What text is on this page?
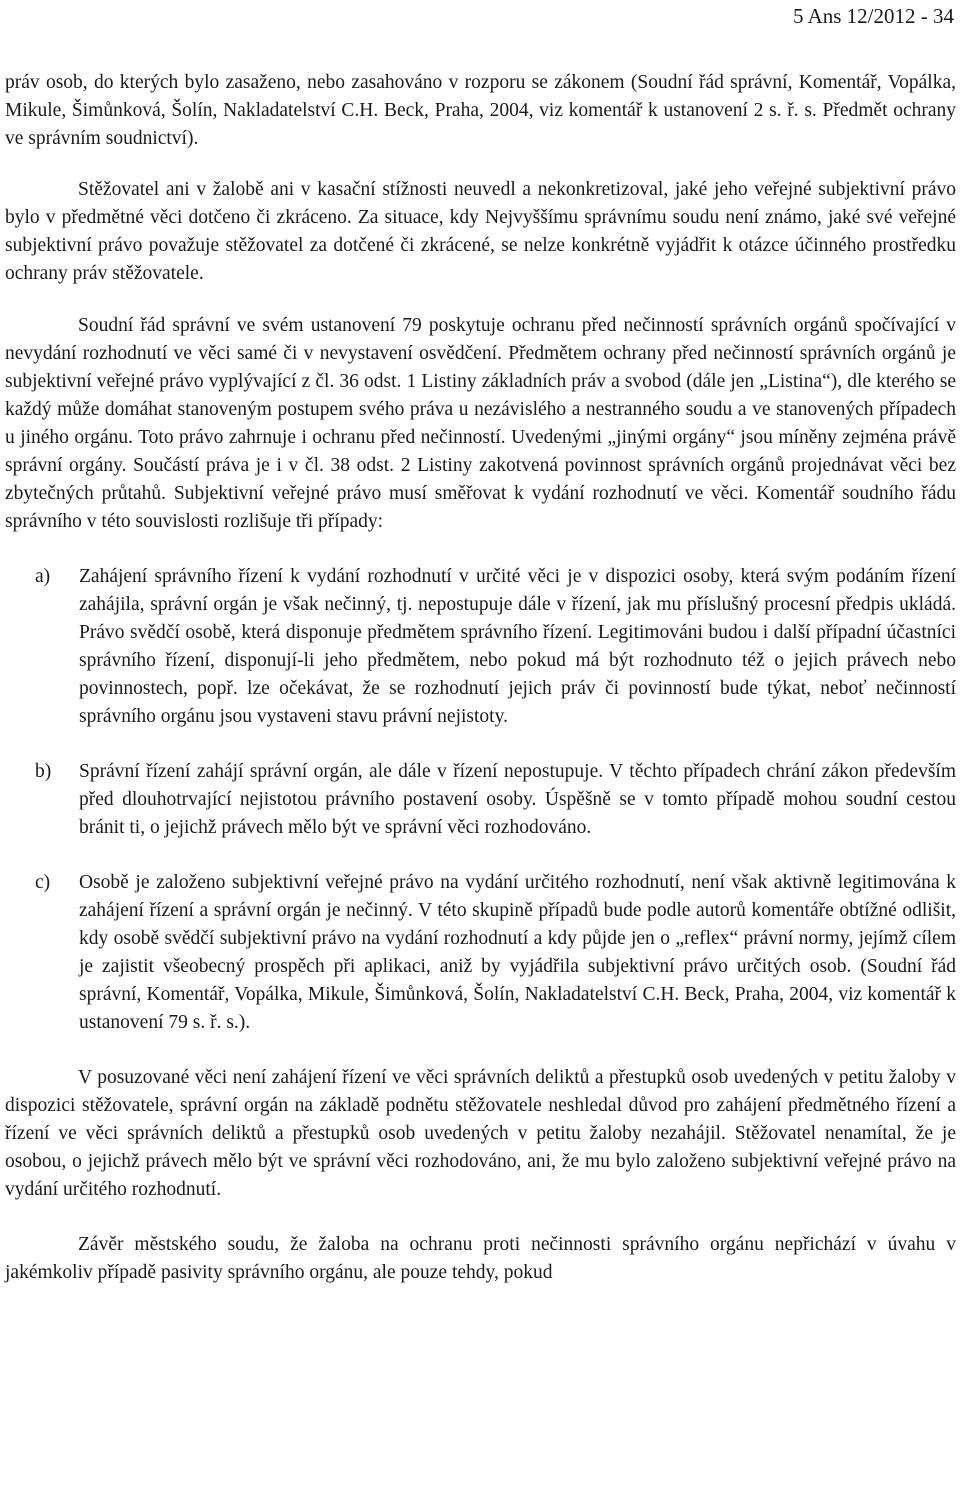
5 Ans 12/2012 - 34

práv osob, do kterých bylo zasaženo, nebo zasahováno v rozporu se zákonem (Soudní řád správní, Komentář, Vopálka, Mikule, Šimůnková, Šolín, Nakladatelství C.H. Beck, Praha, 2004, viz komentář k ustanovení 2 s. ř. s. Předmět ochrany ve správním soudnictví).

Stěžovatel ani v žalobě ani v kasační stížnosti neuvedl a nekonkretizoval, jaké jeho veřejné subjektivní právo bylo v předmětné věci dotčeno či zkráceno. Za situace, kdy Nejvyššímu správnímu soudu není známo, jaké své veřejné subjektivní právo považuje stěžovatel za dotčené či zkrácené, se nelze konkrétně vyjádřit k otázce účinného prostředku ochrany práv stěžovatele.

Soudní řád správní ve svém ustanovení 79 poskytuje ochranu před nečinností správních orgánů spočívající v nevydání rozhodnutí ve věci samé či v nevystavení osvědčení. Předmětem ochrany před nečinností správních orgánů je subjektivní veřejné právo vyplývající z čl. 36 odst. 1 Listiny základních práv a svobod (dále jen „Listina“), dle kterého se každý může domáhat stanoveným postupem svého práva u nezávislého a nestranného soudu a ve stanovených případech u jiného orgánu. Toto právo zahrnuje i ochranu před nečinností. Uvedenými „jinými orgány“ jsou míněny zejména právě správní orgány. Součástí práva je i v čl. 38 odst. 2 Listiny zakotvená povinnost správních orgánů projednávat věci bez zbytečných průtahů. Subjektivní veřejné právo musí směřovat k vydání rozhodnutí ve věci. Komentář soudního řádu správního v této souvislosti rozlišuje tři případy:

a)	Zahájení správního řízení k vydání rozhodnutí v určité věci je v dispozici osoby, která svým podáním řízení zahájila, správní orgán je však nečinný, tj. nepostupuje dále v řízení, jak mu příslušný procesní předpis ukládá. Právo svědčí osobě, která disponuje předmětem správního řízení. Legitimováni budou i další případní účastníci správního řízení, disponují-li jeho předmětem, nebo pokud má být rozhodnuto též o jejich právech nebo povinnostech, popř. lze očekávat, že se rozhodnutí jejich práv či povinností bude týkat, neboť nečinností správního orgánu jsou vystaveni stavu právní nejistoty.
b)	Správní řízení zahájí správní orgán, ale dále v řízení nepostupuje. V těchto případech chrání zákon především před dlouhotrvající nejistotou právního postavení osoby. Úspěšně se v tomto případě mohou soudní cestou bránit ti, o jejichž právech mělo být ve správní věci rozhodováno.
c)	Osobě je založeno subjektivní veřejné právo na vydání určitého rozhodnutí, není však aktivně legitimována k zahájení řízení a správní orgán je nečinný. V této skupině případů bude podle autorů komentáře obtížné odlišit, kdy osobě svědčí subjektivní právo na vydání rozhodnutí a kdy půjde jen o „reflex“ právní normy, jejímž cílem je zajistit všeobecný prospěch při aplikaci, aniž by vyjádřila subjektivní právo určitých osob. (Soudní řád správní, Komentář, Vopálka, Mikule, Šimůnková, Šolín, Nakladatelství C.H. Beck, Praha, 2004, viz komentář k ustanovení 79 s. ř. s.).

V posuzované věci není zahájení řízení ve věci správních deliktů a přestupků osob uvedených v petitu žaloby v dispozici stěžovatele, správní orgán na základě podnětu stěžovatele neshledal důvod pro zahájení předmětného řízení a řízení ve věci správních deliktů a přestupků osob uvedených v petitu žaloby nezahájil. Stěžovatel nenamítal, že je osobou, o jejichž právech mělo být ve správní věci rozhodováno, ani, že mu bylo založeno subjektivní veřejné právo na vydání určitého rozhodnutí.

Závěr městského soudu, že žaloba na ochranu proti nečinnosti správního orgánu nepřichází v úvahu v jakémkoliv případě pasivity správního orgánu, ale pouze tehdy, pokud
